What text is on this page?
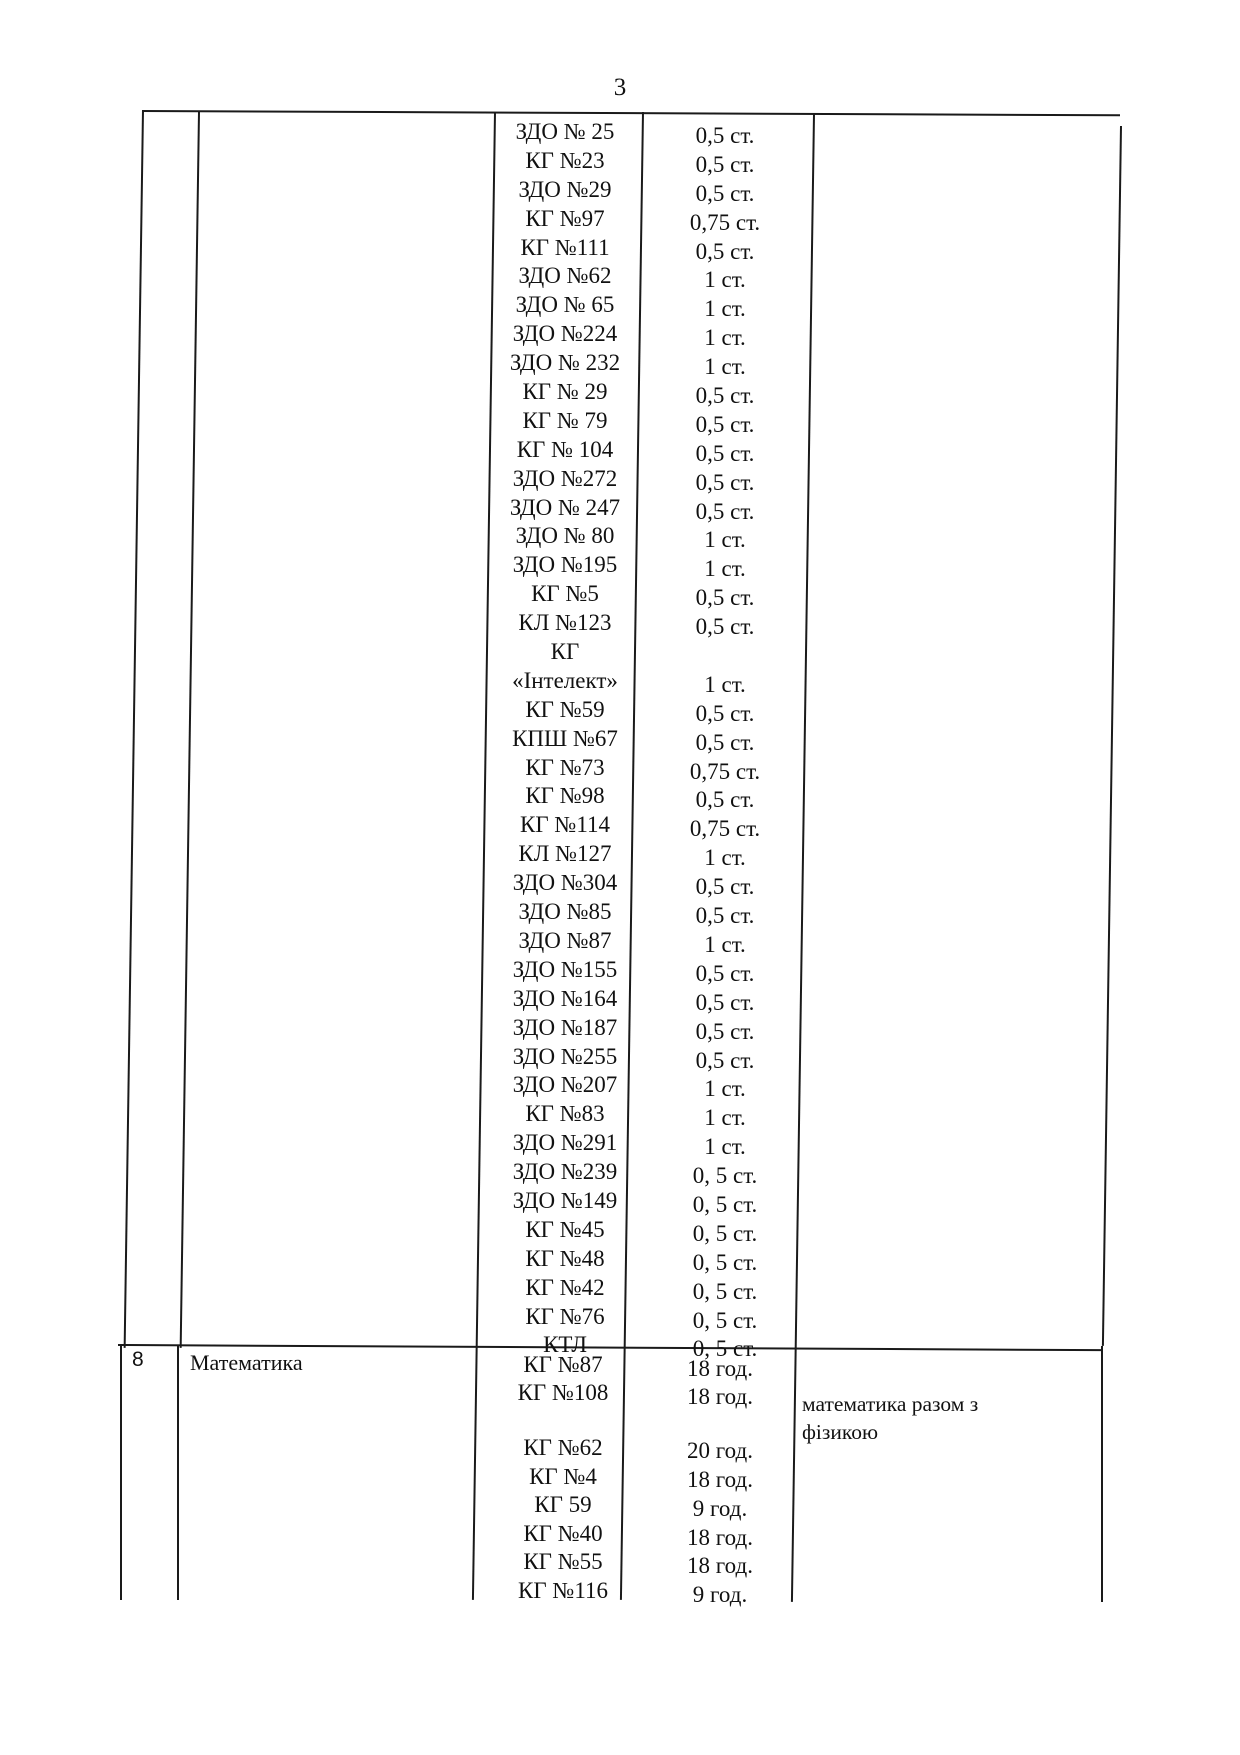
3
ЗДО № 25
КГ №23
ЗДО №29
КГ №97
КГ №111
ЗДО №62
ЗДО № 65
ЗДО №224
ЗДО № 232
КГ № 29
КГ № 79
КГ № 104
ЗДО №272
ЗДО № 247
ЗДО № 80
ЗДО №195
КГ №5
КЛ №123
КГ
«Інтелект»
КГ №59
КПШ №67
КГ №73
КГ №98
КГ №114
КЛ №127
ЗДО №304
ЗДО №85
ЗДО №87
ЗДО №155
ЗДО №164
ЗДО №187
ЗДО №255
ЗДО №207
КГ №83
ЗДО №291
ЗДО №239
ЗДО №149
КГ №45
КГ №48
КГ №42
КГ №76
КТЛ
0,5 ст.
0,5 ст.
0,5 ст.
0,75 ст.
0,5 ст.
1 ст.
1 ст.
1 ст.
1 ст.
0,5 ст.
0,5 ст.
0,5 ст.
0,5 ст.
0,5 ст.
1 ст.
1 ст.
0,5 ст.
0,5 ст.
1 ст.
0,5 ст.
0,5 ст.
0,75 ст.
0,5 ст.
0,75 ст.
1 ст.
0,5 ст.
0,5 ст.
1 ст.
0,5 ст.
0,5 ст.
0,5 ст.
0,5 ст.
1 ст.
1 ст.
1 ст.
0, 5 ст.
0, 5 ст.
0, 5 ст.
0, 5 ст.
0, 5 ст.
0, 5 ст.
0, 5 ст.
8 Математика
математика разом з фізикою
КГ №87
КГ №108
КГ №62
КГ №4
КГ 59
КГ №40
КГ №55
КГ №116
18 год.
18 год.
20 год.
18 год.
9 год.
18 год.
18 год.
9 год.
